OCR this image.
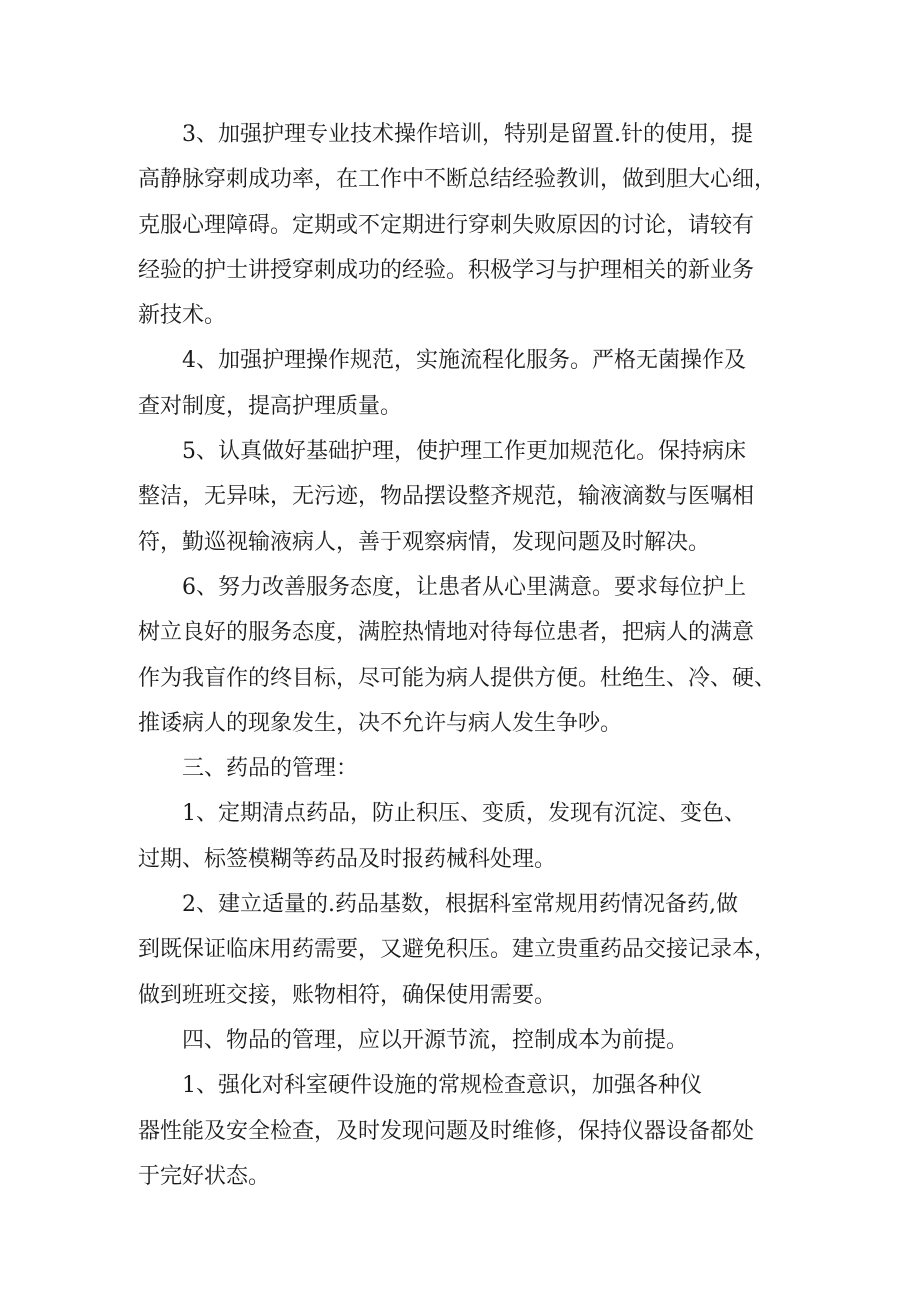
3、加强护理专业技术操作培训，特别是留置.针的使用，提
高静脉穿刺成功率，在工作中不断总结经验教训，做到胆大心细，
克服心理障碍。定期或不定期进行穿刺失败原因的讨论，请较有
经验的护士讲授穿刺成功的经验。积极学习与护理相关的新业务
新技术。

4、加强护理操作规范，实施流程化服务。严格无菌操作及
查对制度，提高护理质量。

5、认真做好基础护理，使护理工作更加规范化。保持病床
整洁，无异味，无污迹，物品摆设整齐规范，输液滴数与医嘱相
符，勤巡视输液病人，善于观察病情，发现问题及时解决。

6、努力改善服务态度，让患者从心里满意。要求每位护上
树立良好的服务态度，满腔热情地对待每位患者，把病人的满意
作为我盲作的终目标，尽可能为病人提供方便。杜绝生、冷、硬、
推诿病人的现象发生，决不允许与病人发生争吵。

三、药品的管理：

1、定期清点药品，防止积压、变质，发现有沉淀、变色、
过期、标签模糊等药品及时报药械科处理。

2、建立适量的.药品基数，根据科室常规用药情况备药,做
到既保证临床用药需要，又避免积压。建立贵重药品交接记录本，
做到班班交接，账物相符，确保使用需要。

四、物品的管理，应以开源节流，控制成本为前提。

1、强化对科室硬件设施的常规检查意识，加强各种仪
器性能及安全检查，及时发现问题及时维修，保持仪器设备都处
于完好状态。
